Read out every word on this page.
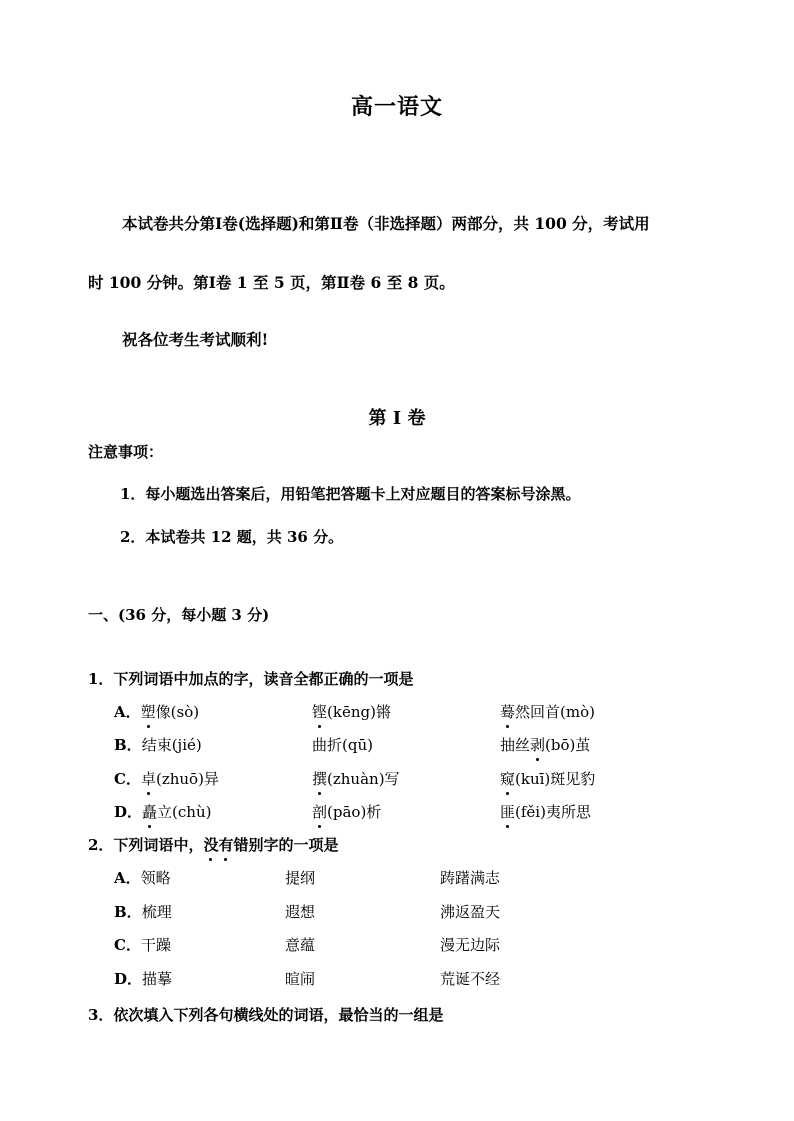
高一语文
本试卷共分第Ⅰ卷(选择题)和第Ⅱ卷（非选择题）两部分，共 100 分，考试用
时 100 分钟。第Ⅰ卷 1 至 5 页，第Ⅱ卷 6 至 8 页。
祝各位考生考试顺利!
第 Ⅰ 卷
注意事项：
1．每小题选出答案后，用铅笔把答题卡上对应题目的答案标号涂黑。
2．本试卷共 12 题，共 36 分。
一、(36 分，每小题 3 分)
1．下列词语中加点的字，读音全都正确的一项是
A．塑像(sò)	铿(kēng)锵	蓦然回首(mò)
B．结束(jié)	曲折(qū)	抽丝剥(bō)茧
C．卓(zhuō)异	撰(zhuàn)写	窥(kuī)斑见豹
D．矗立(chù)	剖(pāo)析	匪(fěi)夷所思
2．下列词语中，没有错别字的一项是
A．领略	提纲	踌躇满志
B．梳理	遐想	沸返盈天
C．干躁	意蕴	漫无边际
D．描摹	暄闹	荒诞不经
3．依次填入下列各句横线处的词语，最恰当的一组是
